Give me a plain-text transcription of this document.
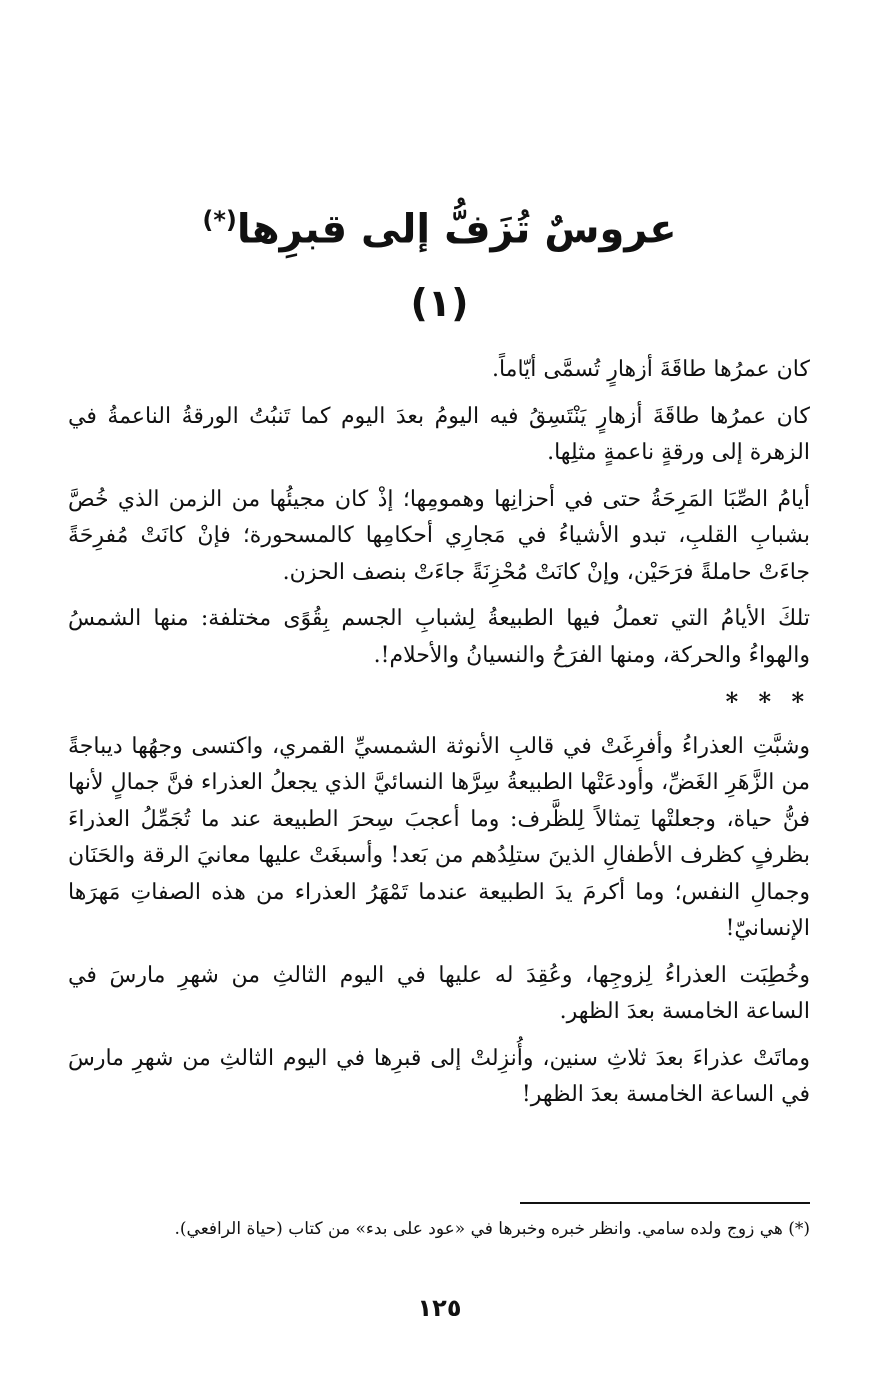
عروسٌ تُزَفُّ إلى قبرِها(*)
(١)

كان عمرُها طاقَةَ أزهارٍ تُسمَّى أيّاماً.

كان عمرُها طاقَةَ أزهارٍ يَنْتَسِقُ فيه اليومُ بعدَ اليوم كما تَنبُتُ الورقةُ الناعمةُ في الزهرة إلى ورقةٍ ناعمةٍ مثلِها.

أيامُ الصِّبَا المَرِحَةُ حتى في أحزانِها وهمومِها؛ إذْ كان مجيئُها من الزمن الذي خُصَّ بشبابِ القلبِ، تبدو الأشياءُ في مَجارِي أحكامِها كالمسحورة؛ فإنْ كانَتْ مُفرِحَةً جاءَتْ حاملةً فرَحَيْن، وإنْ كانَتْ مُحْزِنَةً جاءَتْ بنصف الحزن.

تلكَ الأيامُ التي تعملُ فيها الطبيعةُ لِشبابِ الجسم بِقُوًى مختلفة: منها الشمسُ والهواءُ والحركة، ومنها الفرَحُ والنسيانُ والأحلام!.

* * *

وشبَّتِ العذراءُ وأفرِغَتْ في قالبِ الأنوثة الشمسيِّ القمري، واكتسى وجهُها ديباجةً من الزَّهَرِ الغَضِّ، وأودعَتْها الطبيعةُ سِرَّها النسائيَّ الذي يجعلُ العذراء فنَّ جمالٍ لأنها فنُّ حياة، وجعلتْها تِمثالاً لِلظَّرف: وما أعجبَ سِحرَ الطبيعة عند ما تُجَمِّلُ العذراءَ بظرفٍ كظرف الأطفالِ الذينَ ستلِدُهم من بَعد! وأسبغَتْ عليها معانيَ الرقة والحَنَان وجمالِ النفس؛ وما أكرمَ يدَ الطبيعة عندما تَمْهَرُ العذراء من هذه الصفاتِ مَهرَها الإنسانيّ!

وخُطِبَت العذراءُ لِزوجِها، وعُقِدَ له عليها في اليوم الثالثِ من شهرِ مارسَ في الساعة الخامسة بعدَ الظهر.

وماتَتْ عذراءَ بعدَ ثلاثِ سنين، وأُنزِلتْ إلى قبرِها في اليوم الثالثِ من شهرِ مارسَ في الساعة الخامسة بعدَ الظهر!

(*) هي زوج ولده سامي. وانظر خبره وخبرها في «عود على بدء» من كتاب (حياة الرافعي).
١٢٥
